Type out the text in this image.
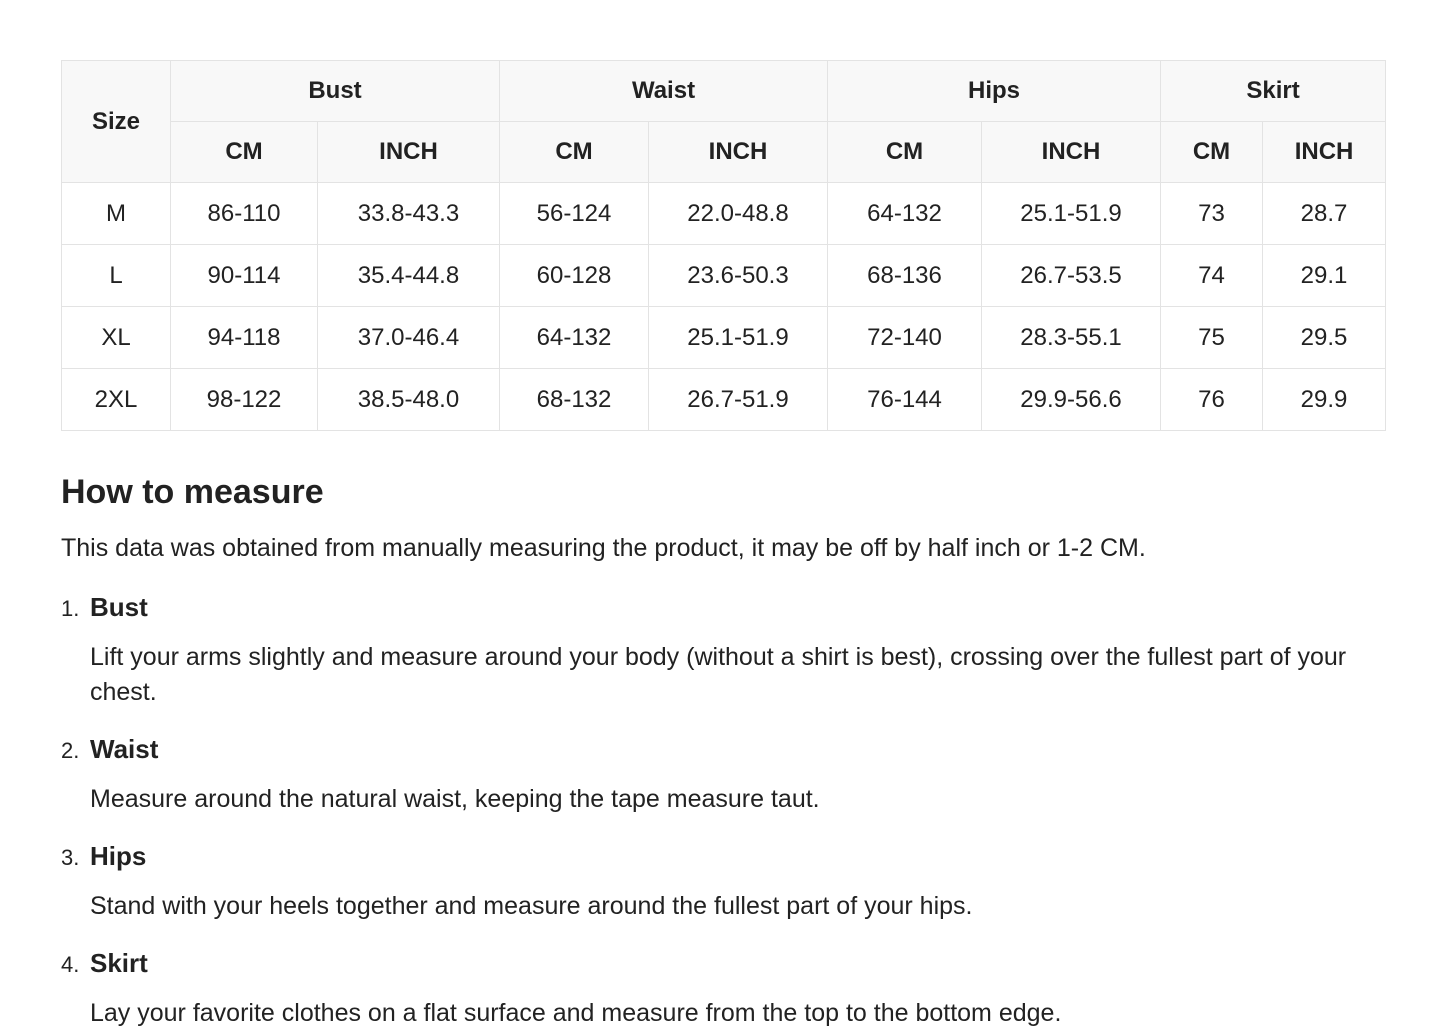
Size	Bust		Waist		Hips		Skirt	
	CM	INCH	CM	INCH	CM	INCH	CM	INCH
M	86-110	33.8-43.3	56-124	22.0-48.8	64-132	25.1-51.9	73	28.7
L	90-114	35.4-44.8	60-128	23.6-50.3	68-136	26.7-53.5	74	29.1
XL	94-118	37.0-46.4	64-132	25.1-51.9	72-140	28.3-55.1	75	29.5
2XL	98-122	38.5-48.0	68-132	26.7-51.9	76-144	29.9-56.6	76	29.9
How to measure

This data was obtained from manually measuring the product, it may be off by half inch or 1-2 CM.

1. Bust

Lift your arms slightly and measure around your body (without a shirt is best), crossing over the fullest part of your chest.

2. Waist

Measure around the natural waist, keeping the tape measure taut.

3. Hips

Stand with your heels together and measure around the fullest part of your hips.

4. Skirt

Lay your favorite clothes on a flat surface and measure from the top to the bottom edge.
